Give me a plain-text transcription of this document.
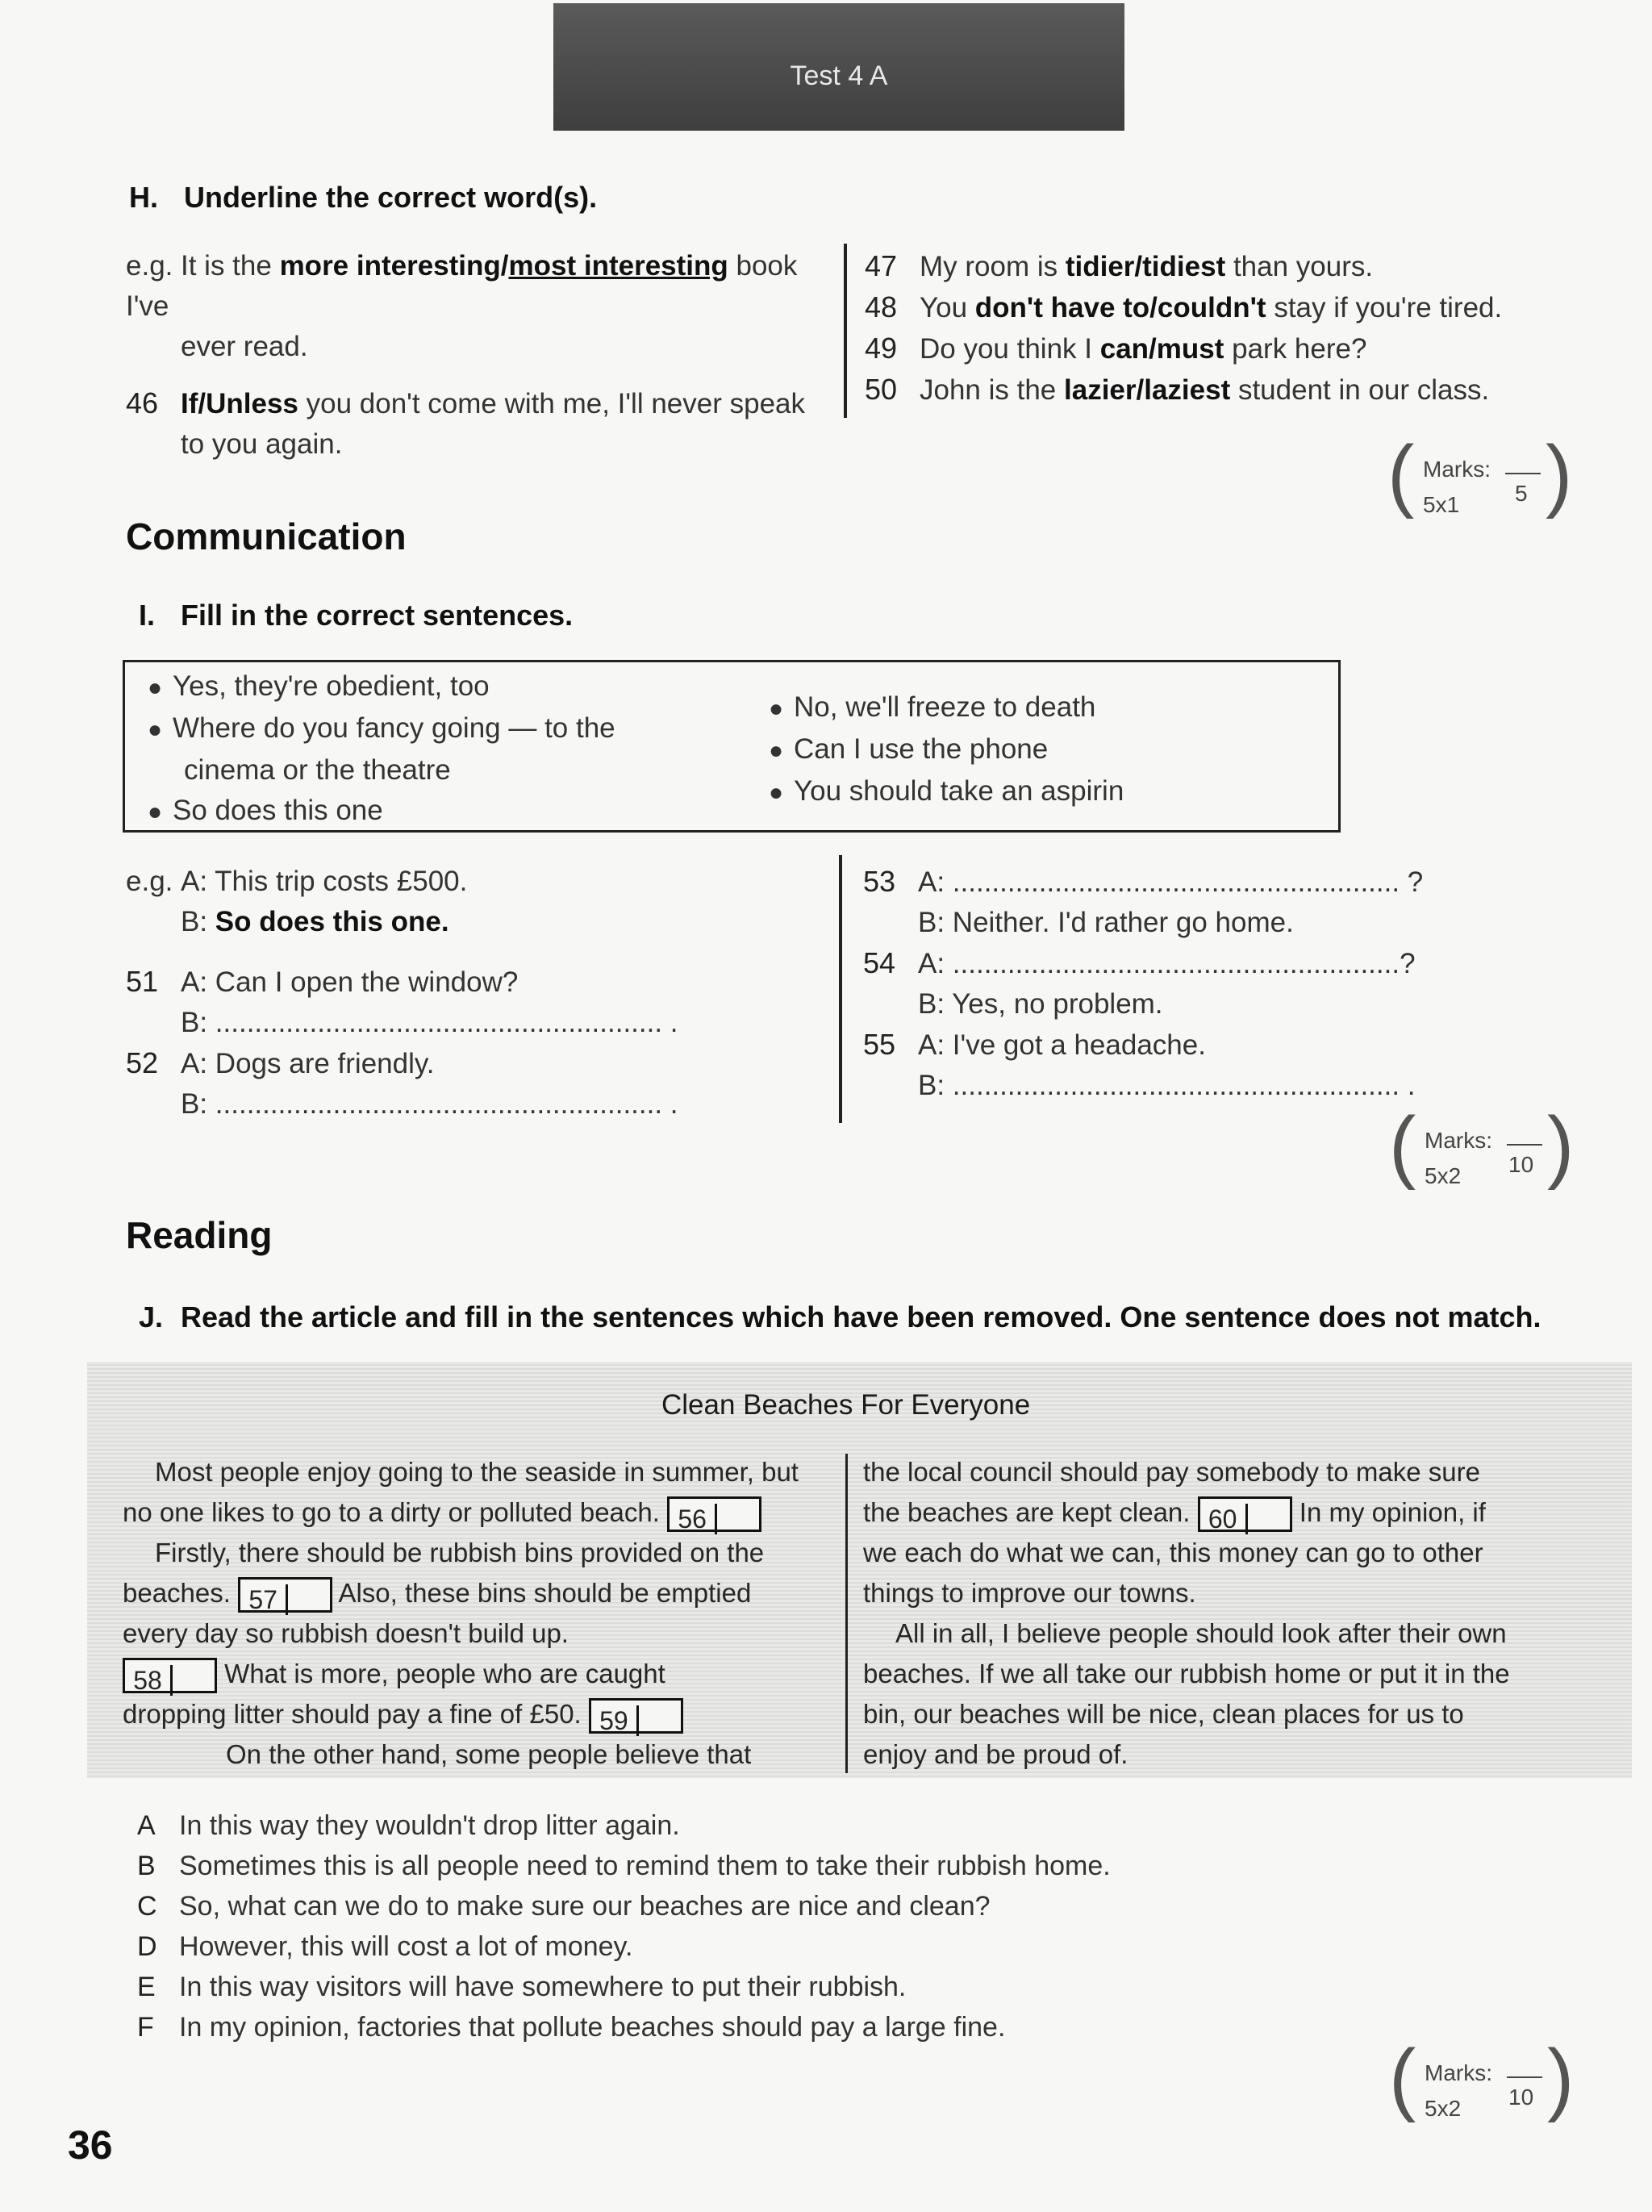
Test 4 A
H. Underline the correct word(s).
e.g. It is the more interesting/most interesting book I've
ever read.
46 If/Unless you don't come with me, I'll never speak
to you again.
47 My room is tidier/tidiest than yours.
48 You don't have to/couldn't stay if you're tired.
49 Do you think I can/must park here?
50 John is the lazier/laziest student in our class.
( Marks:
5x1 5 )
Communication
I. Fill in the correct sentences.
● Yes, they're obedient, too
● Where do you fancy going — to the
cinema or the theatre
● So does this one
● No, we'll freeze to death
● Can I use the phone
● You should take an aspirin
e.g. A: This trip costs £500.
B: So does this one.
51 A: Can I open the window?
B: ......................................................... .
52 A: Dogs are friendly.
B: ......................................................... .
53 A: ......................................................... ?
B: Neither. I'd rather go home.
54 A: .........................................................?
B: Yes, no problem.
55 A: I've got a headache.
B: ......................................................... .
( Marks:
5x2 10 )
Reading
J. Read the article and fill in the sentences which have been removed. One sentence does not match.
Clean Beaches For Everyone
Most people enjoy going to the seaside in summer, but
no one likes to go to a dirty or polluted beach. 56
Firstly, there should be rubbish bins provided on the
beaches. 57 Also, these bins should be emptied
every day so rubbish doesn't build up.
58 What is more, people who are caught
dropping litter should pay a fine of £50. 59
On the other hand, some people believe that
the local council should pay somebody to make sure
the beaches are kept clean. 60 In my opinion, if
we each do what we can, this money can go to other
things to improve our towns.
All in all, I believe people should look after their own
beaches. If we all take our rubbish home or put it in the
bin, our beaches will be nice, clean places for us to
enjoy and be proud of.
A In this way they wouldn't drop litter again.
B Sometimes this is all people need to remind them to take their rubbish home.
C So, what can we do to make sure our beaches are nice and clean?
D However, this will cost a lot of money.
E In this way visitors will have somewhere to put their rubbish.
F In my opinion, factories that pollute beaches should pay a large fine.
( Marks:
5x2 10 )
36
